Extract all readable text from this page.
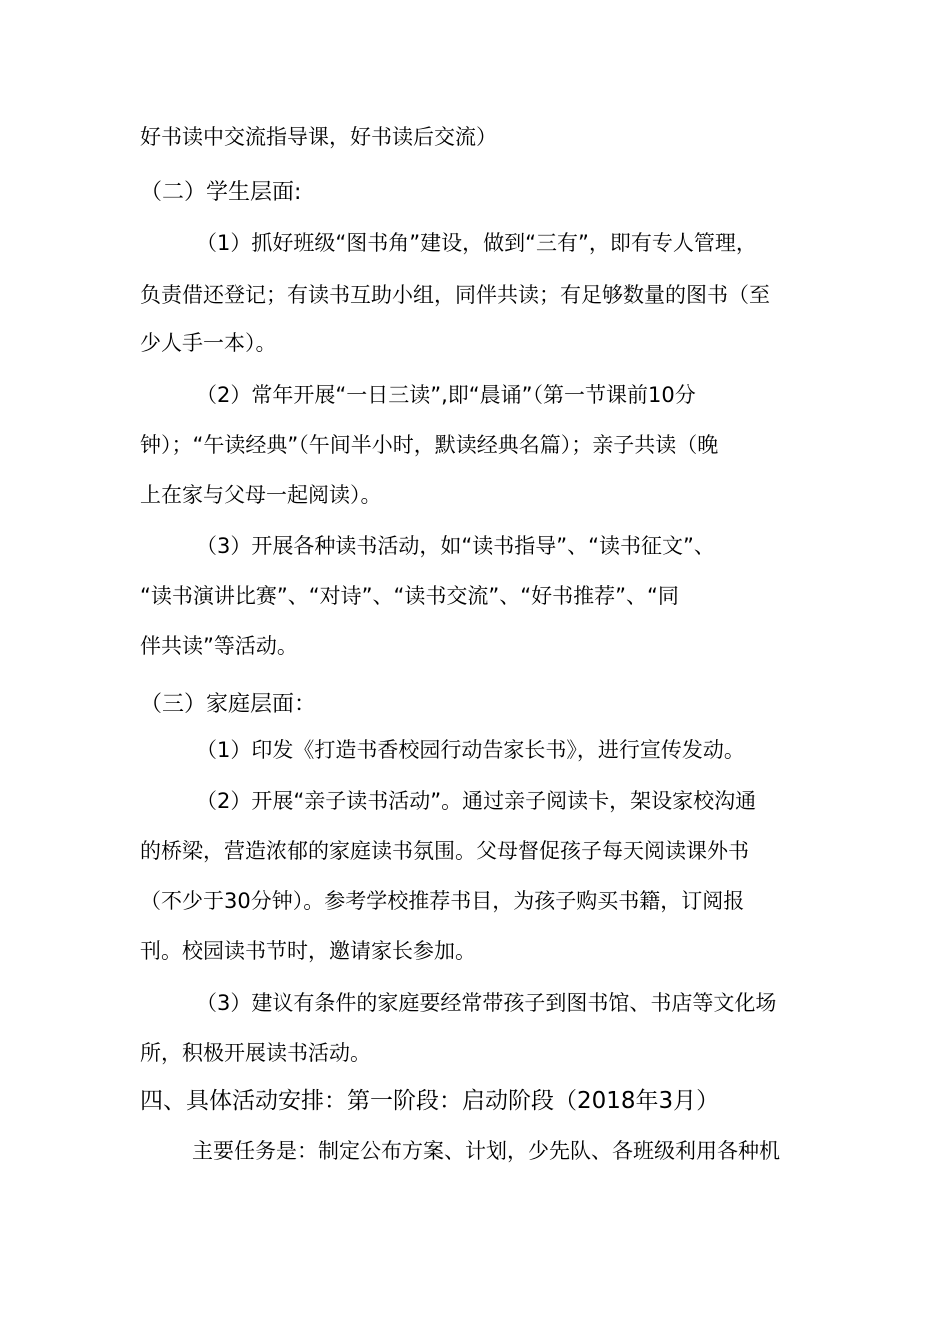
好书读中交流指导课，好书读后交流）
（二）学生层面:
（1）抓好班级“图书角”建设，做到“三有”，即有专人管理，
负责借还登记；有读书互助小组，同伴共读；有足够数量的图书（至
少人手一本）。
（2）常年开展“一日三读”,即“晨诵”（第一节课前10分
钟）；“午读经典”（午间半小时，默读经典名篇）；亲子共读（晚
上在家与父母一起阅读）。
（3）开展各种读书活动，如“读书指导”、“读书征文”、
“读书演讲比赛”、“对诗”、“读书交流”、“好书推荐”、“同
伴共读”等活动。
（三）家庭层面：
（1）印发《打造书香校园行动告家长书》，进行宣传发动。
（2）开展“亲子读书活动”。通过亲子阅读卡，架设家校沟通
的桥梁，营造浓郁的家庭读书氛围。父母督促孩子每天阅读课外书
（不少于30分钟）。参考学校推荐书目，为孩子购买书籍，订阅报
刊。校园读书节时，邀请家长参加。
（3）建议有条件的家庭要经常带孩子到图书馆、书店等文化场
所，积极开展读书活动。
四、具体活动安排：第一阶段：启动阶段（2018年3月）
主要任务是：制定公布方案、计划，少先队、各班级利用各种机
